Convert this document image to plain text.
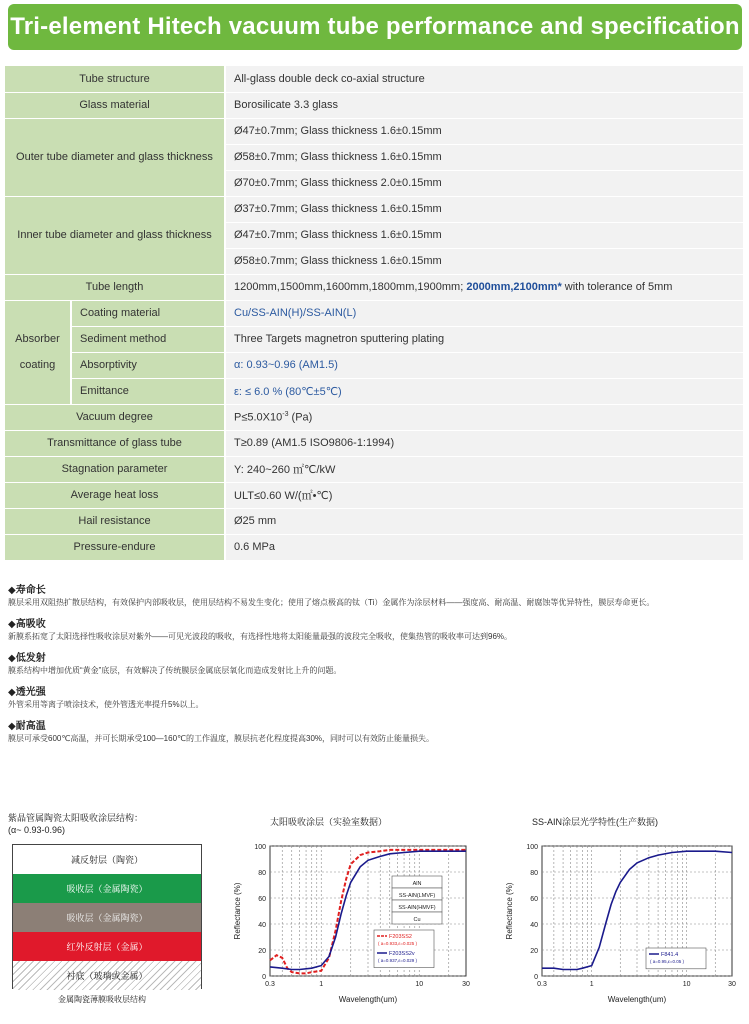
Tri-element Hitech vacuum tube performance and specification
Tube structure		All-glass double deck co-axial structure
Glass material		Borosilicate 3.3 glass
Outer tube diameter and glass thickness		Ø47±0.7mm; Glass thickness 1.6±0.15mm
		Ø58±0.7mm; Glass thickness 1.6±0.15mm
		Ø70±0.7mm; Glass thickness 2.0±0.15mm
Inner tube diameter and glass thickness		Ø37±0.7mm; Glass thickness 1.6±0.15mm
		Ø47±0.7mm; Glass thickness 1.6±0.15mm
		Ø58±0.7mm; Glass thickness 1.6±0.15mm
Tube length		1200mm,1500mm,1600mm,1800mm,1900mm; 2000mm,2100mm* with tolerance of 5mm
Absorber
coating	Coating material	Cu/SS-AIN(H)/SS-AIN(L)
	Sediment method	Three Targets magnetron sputtering plating
	Absorptivity	α: 0.93~0.96 (AM1.5)
	Emittance	ε: ≤ 6.0 % (80℃±5℃)
Vacuum degree		$P\le 5.0X10^{-3}$ (Pa)
Transmittance of glass tube		T≥0.89 (AM1.5 ISO9806-1:1994)
Stagnation parameter		Y: 240~260 ㎡℃/kW
Average heat loss		ULT≤0.60 W/(㎡•℃)
Hail resistance		Ø25 mm
Pressure-endure		0.6 MPa
◆寿命长
膜层采用双阻热扩散层结构，有效保护内部吸收层，使用层结构不易发生变化；使用了熔点极高的钛（Ti）金属作为涂层材料——强度高、耐高温、耐腐蚀等优异特性，膜层寿命更长。
◆高吸收
新膜系拓宽了太阳选择性吸收涂层对紫外——可见光波段的吸收，有选择性地将太阳能量最强的波段完全吸收，使集热管的吸收率可达到96%。
◆低发射
膜系结构中增加优质“黄金”底层，有效解决了传统膜层金属底层氧化而造成发射比上升的问题。
◆透光强
外管采用等离子喷涂技术，使外管透光率提升5%以上。
◆耐高温
膜层可承受600℃高温，并可长期承受100—160℃的工作温度，膜层抗老化程度提高30%，同时可以有效防止能量损失。
紫晶管属陶瓷太阳吸收涂层结构：
(α~ 0.93-0.96)
减反射层（陶瓷）
吸收层（金属陶瓷）
吸收层（金属陶瓷）
红外反射层（金属）
衬底（玻璃或金属）
金属陶瓷薄膜吸收层结构
太阳吸收涂层（实验室数据）	SS-AIN涂层光学特性(生产数据)
0
20
40
60
80
100
0.3	1	10	30
Wavelength(um)
Reflectance (%)	AlN
SS-AlN(LMVF)
SS-AlN(HMVF)
Cu
F203SS2
( a=0.933,ε=0.025 )
F203SS2v
( a=0.937,ε=0.029 )
0
20
40
60
80
100
0.3	1	10	30
Wavelength(um)
Reflectance (%)
F841.4
( a=0.95,ε=0.05 )
